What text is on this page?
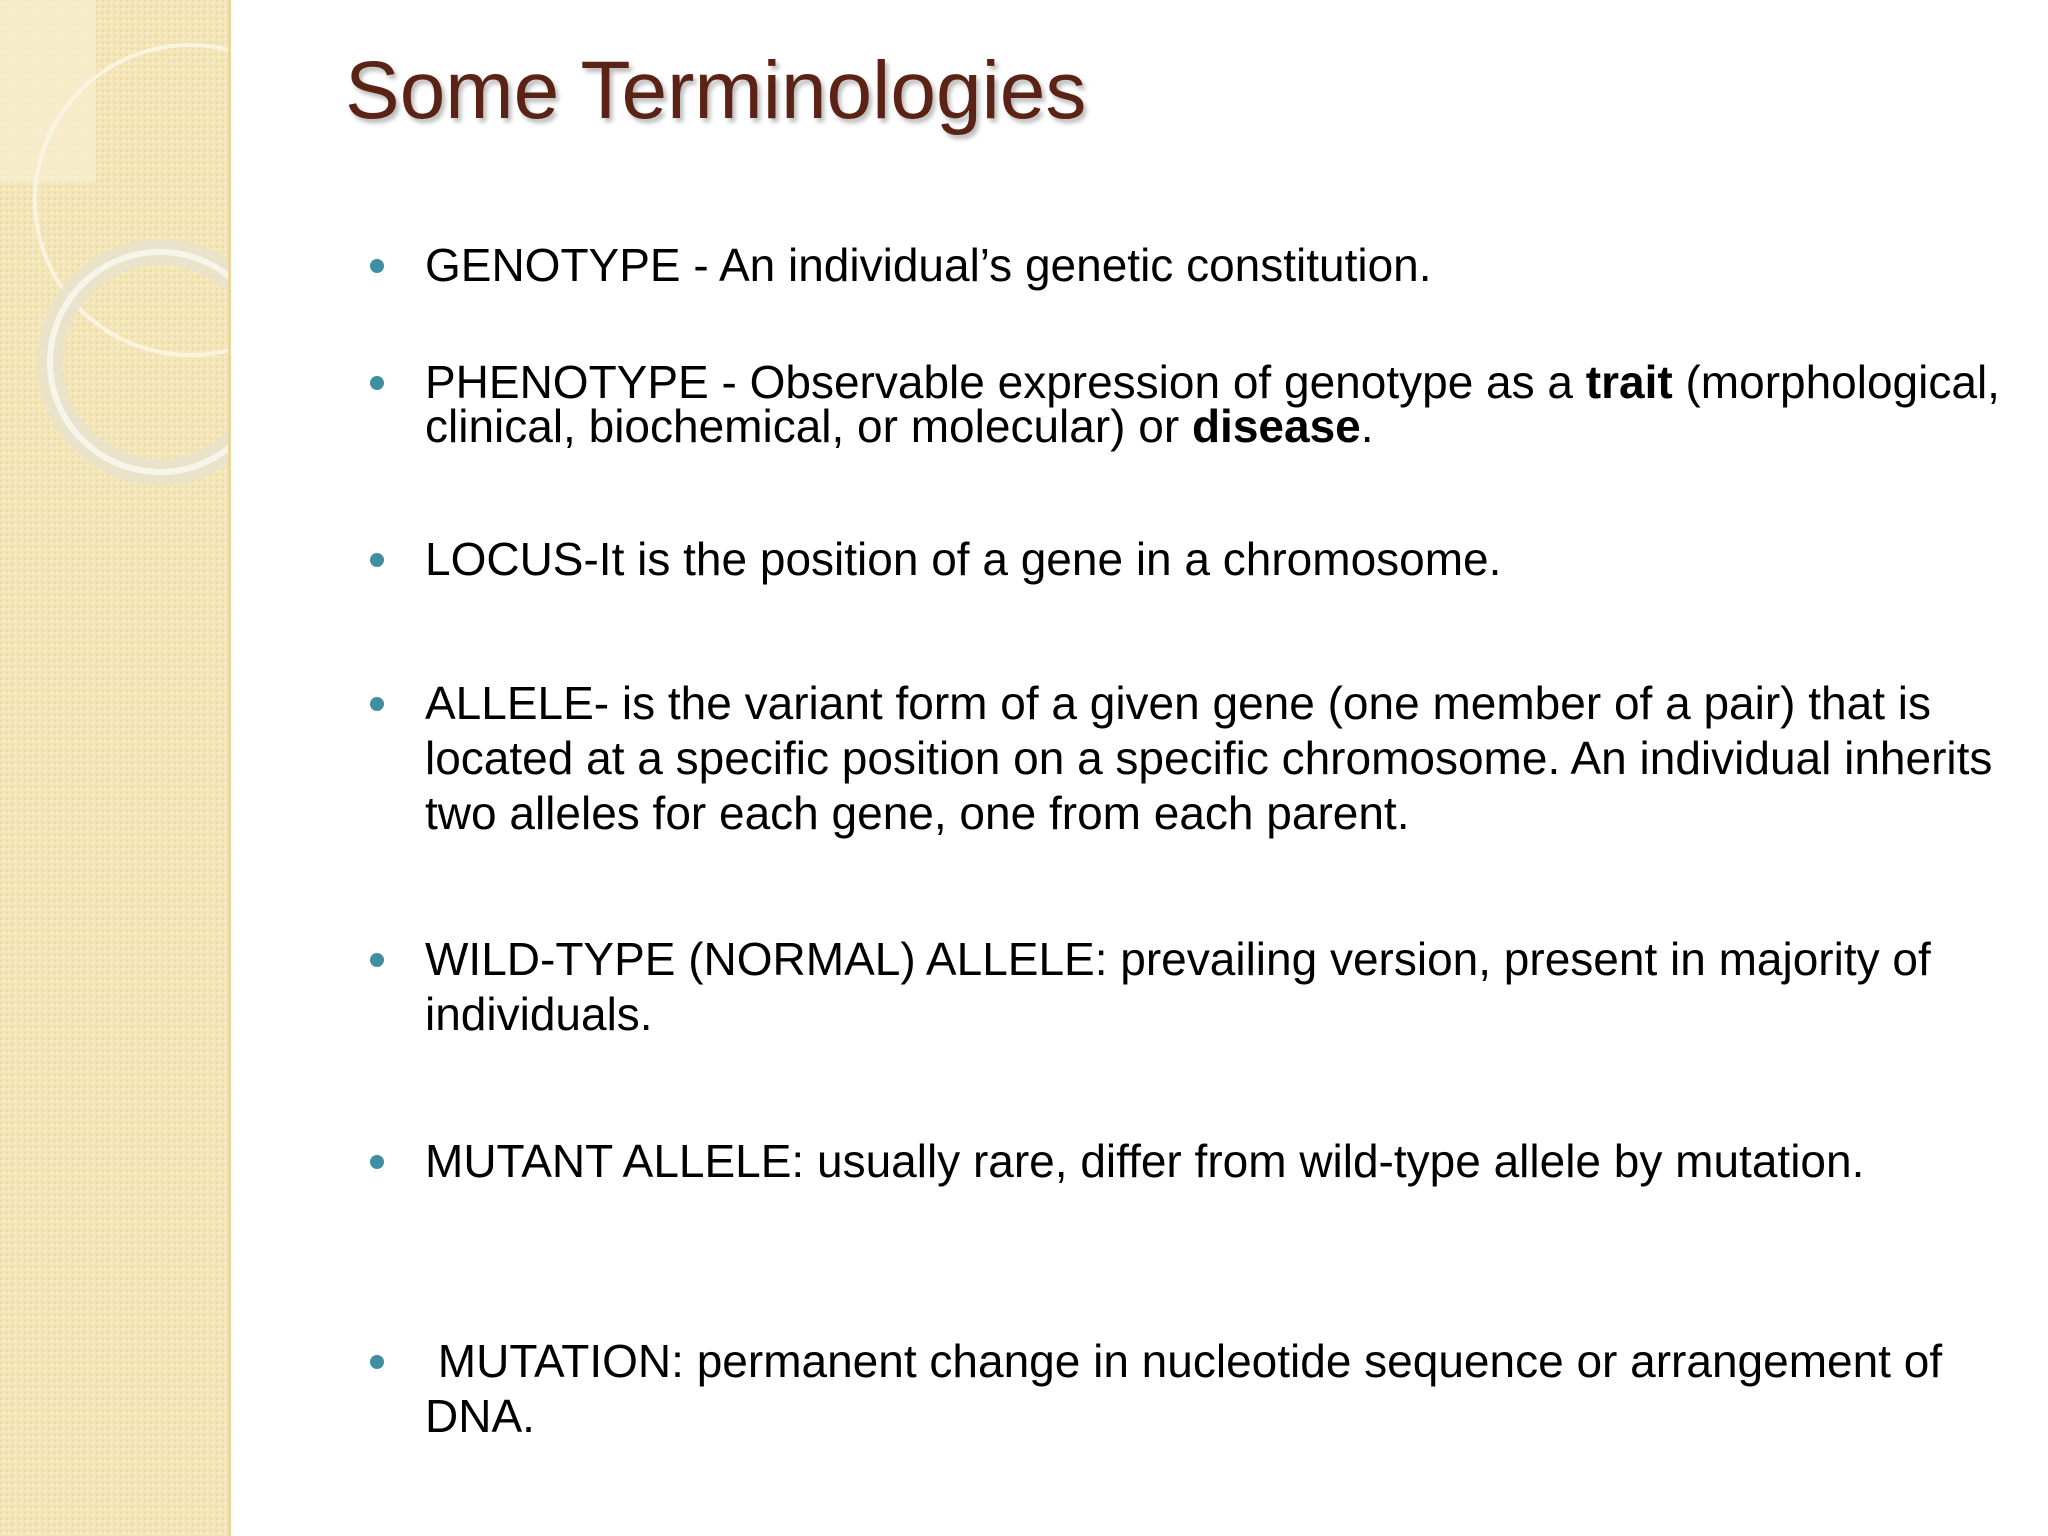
Some Terminologies
GENOTYPE - An individual’s genetic constitution.
PHENOTYPE - Observable expression of genotype as a trait (morphological, clinical, biochemical, or molecular) or disease.
LOCUS-It is the position of a gene in a chromosome.
ALLELE- is the variant form of a given gene (one member of a pair) that is located at a specific position on a specific chromosome. An individual inherits two alleles for each gene, one from each parent.
WILD-TYPE (NORMAL) ALLELE: prevailing version, present in majority of individuals.
MUTANT ALLELE: usually rare, differ from wild-type allele by mutation.
MUTATION: permanent change in nucleotide sequence or arrangement of DNA.
